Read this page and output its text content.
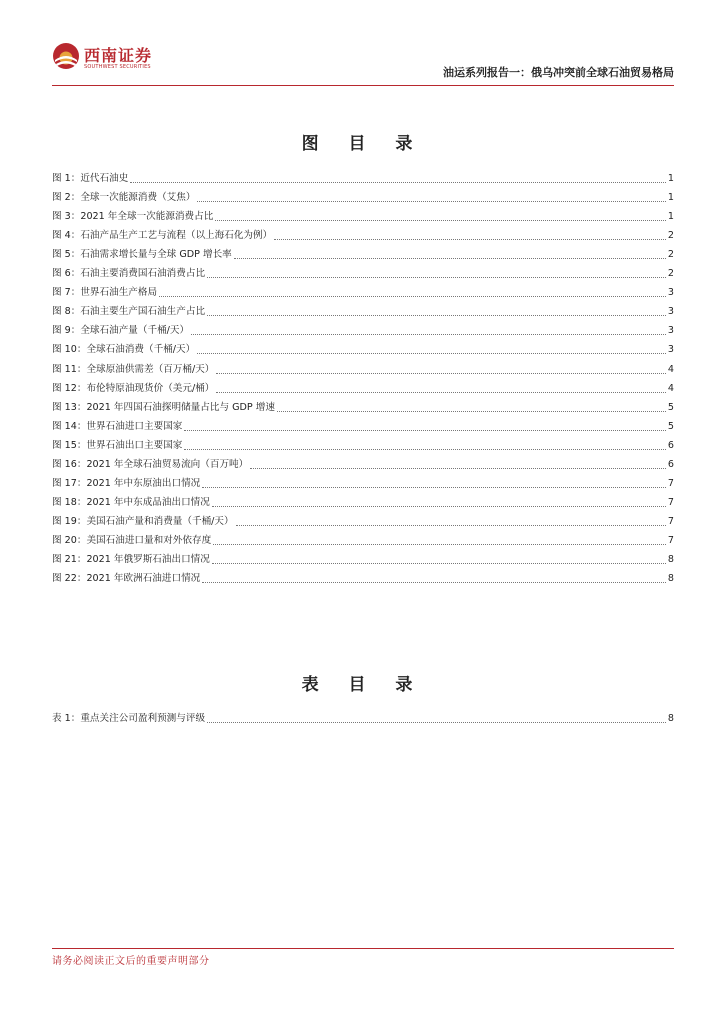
西南证券
SOUTHWEST SECURITIES	油运系列报告一：俄乌冲突前全球石油贸易格局
图 目 录
图 1：近代石油史	1
图 2：全球一次能源消费（艾焦）	1
图 3：2021 年全球一次能源消费占比	1
图 4：石油产品生产工艺与流程（以上海石化为例）	2
图 5：石油需求增长量与全球 GDP 增长率	2
图 6：石油主要消费国石油消费占比	2
图 7：世界石油生产格局	3
图 8：石油主要生产国石油生产占比	3
图 9：全球石油产量（千桶/天）	3
图 10：全球石油消费（千桶/天）	3
图 11：全球原油供需差（百万桶/天）	4
图 12：布伦特原油现货价（美元/桶）	4
图 13：2021 年四国石油探明储量占比与 GDP 增速	5
图 14：世界石油进口主要国家	5
图 15：世界石油出口主要国家	6
图 16：2021 年全球石油贸易流向（百万吨）	6
图 17：2021 年中东原油出口情况	7
图 18：2021 年中东成品油出口情况	7
图 19：美国石油产量和消费量（千桶/天）	7
图 20：美国石油进口量和对外依存度	7
图 21：2021 年俄罗斯石油出口情况	8
图 22：2021 年欧洲石油进口情况	8
表 目 录
表 1：重点关注公司盈利预测与评级	8
请务必阅读正文后的重要声明部分
